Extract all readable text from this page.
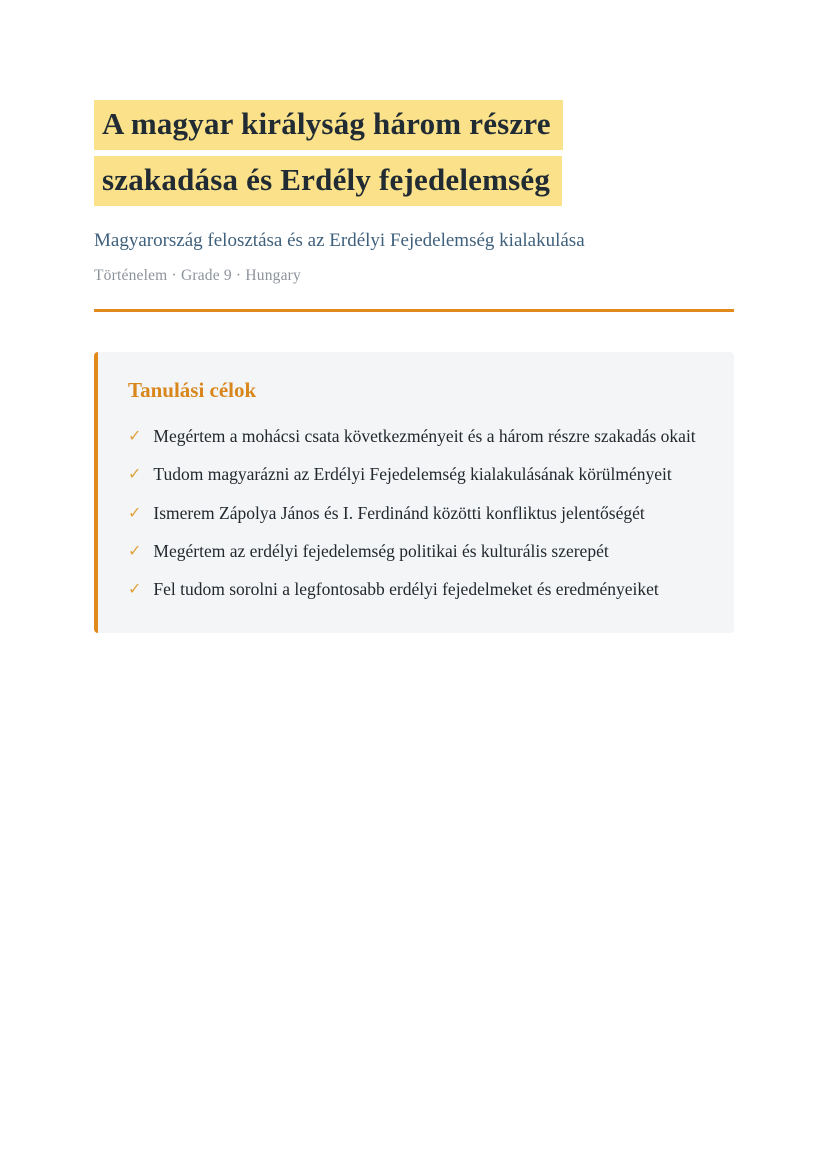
A magyar királyság három részre
szakadása és Erdély fejedelemség

Magyarország felosztása és az Erdélyi Fejedelemség kialakulása

Történelem · Grade 9 · Hungary

Tanulási célok
✓ Megértem a mohácsi csata következményeit és a három részre szakadás okait
✓ Tudom magyarázni az Erdélyi Fejedelemség kialakulásának körülményeit
✓ Ismerem Zápolya János és I. Ferdinánd közötti konfliktus jelentőségét
✓ Megértem az erdélyi fejedelemség politikai és kulturális szerepét
✓ Fel tudom sorolni a legfontosabb erdélyi fejedelmeket és eredményeiket
